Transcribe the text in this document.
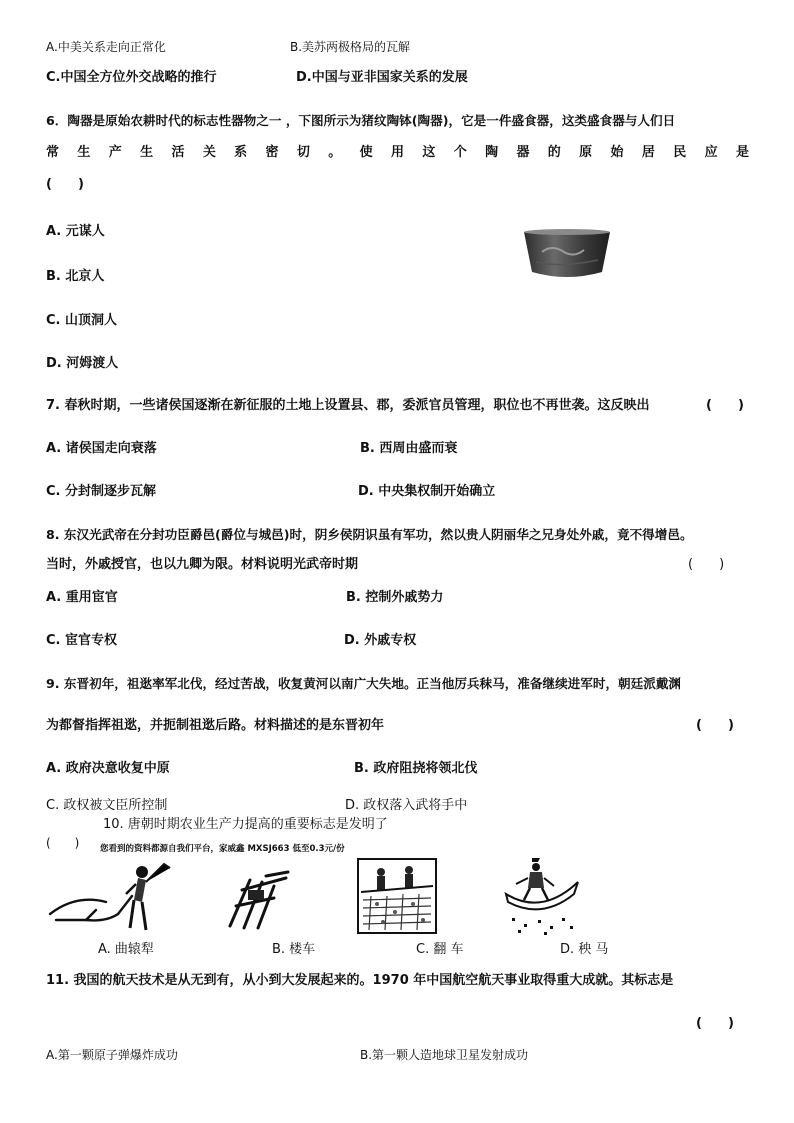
A.中美关系走向正常化	B.美苏两极格局的瓦解
C.中国全方位外交战略的推行	D.中国与亚非国家关系的发展
6．陶器是原始农耕时代的标志性器物之一 ，下图所示为猪纹陶钵(陶器)，它是一件盛食器，这类盛食器与人们日
常 生 产 生 活 关 系 密 切 。 使 用 这 个 陶 器 的 原 始 居 民 应 是
(　　)
A. 元谋人
B. 北京人
C. 山顶洞人
D. 河姆渡人
7. 春秋时期，一些诸侯国逐渐在新征服的土地上设置县、郡，委派官员管理，职位也不再世袭。这反映出	(　　)
A. 诸侯国走向衰落	B. 西周由盛而衰
C. 分封制逐步瓦解	D. 中央集权制开始确立
8. 东汉光武帝在分封功臣爵邑(爵位与城邑)时，阴乡侯阴识虽有军功，然以贵人阴丽华之兄身处外戚，竟不得增邑。
当时，外戚授官，也以九卿为限。材料说明光武帝时期	(　　)
A. 重用宦官	B. 控制外戚势力
C. 宦官专权	D. 外戚专权
9. 东晋初年，祖逖率军北伐，经过苦战，收复黄河以南广大失地。正当他厉兵秣马，准备继续进军时，朝廷派戴渊
为都督指挥祖逖，并扼制祖逖后路。材料描述的是东晋初年	(　　)
A. 政府决意收复中原	B. 政府阻挠将领北伐
C. 政权被文臣所控制	D. 政权落入武将手中
10. 唐朝时期农业生产力提高的重要标志是发明了
(　　) 您看到的资料都源自我们平台，家威鑫 MXSJ663 低至0.3元/份
A. 曲辕犁	B. 楼车	C. 翻 车	D. 秧 马
11. 我国的航天技术是从无到有，从小到大发展起来的。1970 年中国航空航天事业取得重大成就。其标志是
(　　)
A.第一颗原子弹爆炸成功	B.第一颗人造地球卫星发射成功
